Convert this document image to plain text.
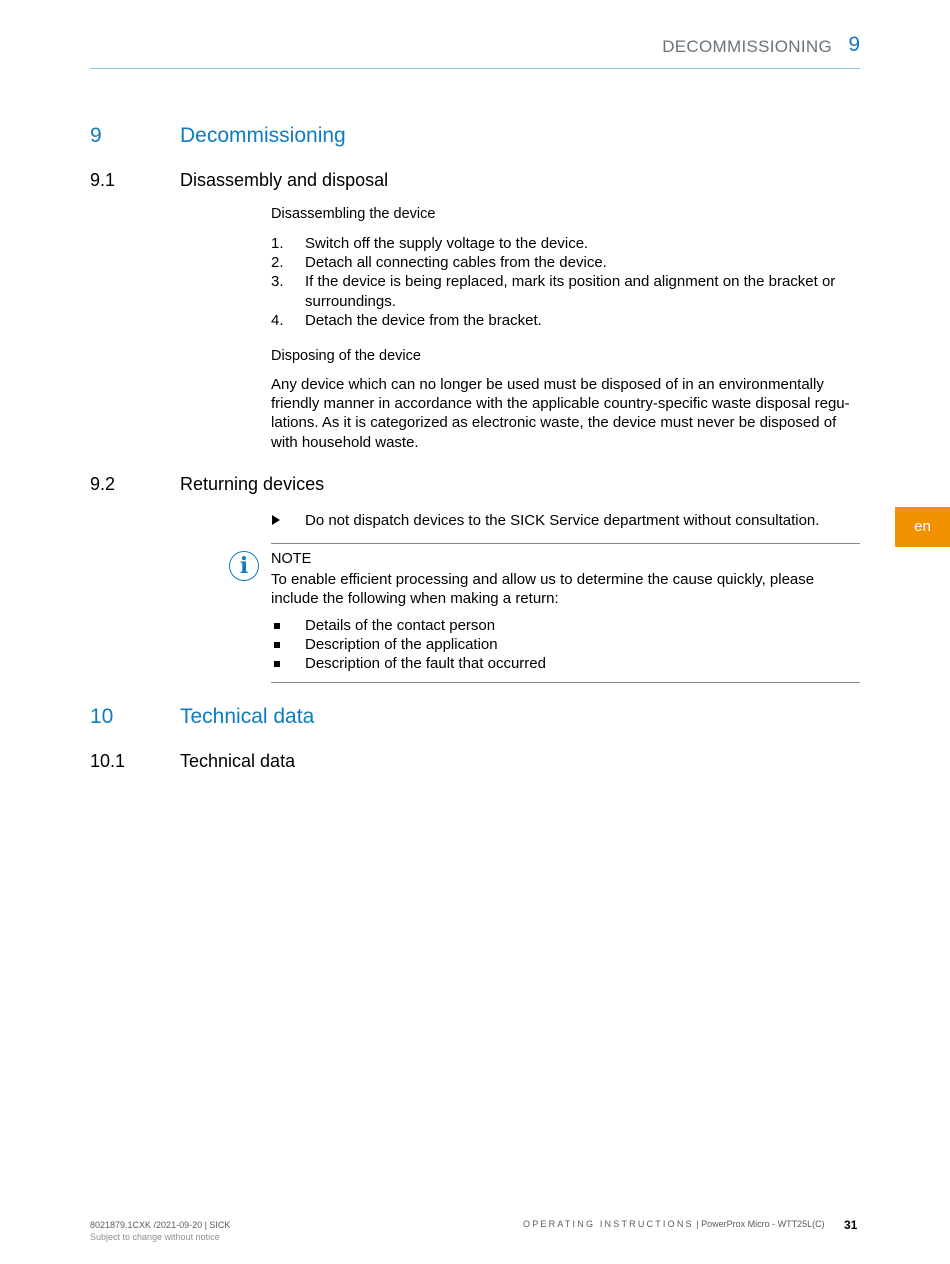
DECOMMISSIONING 9
9	Decommissioning
9.1	Disassembly and disposal
Disassembling the device
1. Switch off the supply voltage to the device.
2. Detach all connecting cables from the device.
3. If the device is being replaced, mark its position and alignment on the bracket or
surroundings.
4. Detach the device from the bracket.
Disposing of the device
Any device which can no longer be used must be disposed of in an environmentally
friendly manner in accordance with the applicable country-specific waste disposal regu-
lations. As it is categorized as electronic waste, the device must never be disposed of
with household waste.
9.2	Returning devices
Do not dispatch devices to the SICK Service department without consultation.
i	NOTE
To enable efficient processing and allow us to determine the cause quickly, please
include the following when making a return:
Details of the contact person
Description of the application
Description of the fault that occurred
10	Technical data
10.1	Technical data
en
8021879.1CXK /2021-09-20 | SICK
Subject to change without notice
OPERATING INSTRUCTIONS | PowerProx Micro - WTT25L(C) 31
